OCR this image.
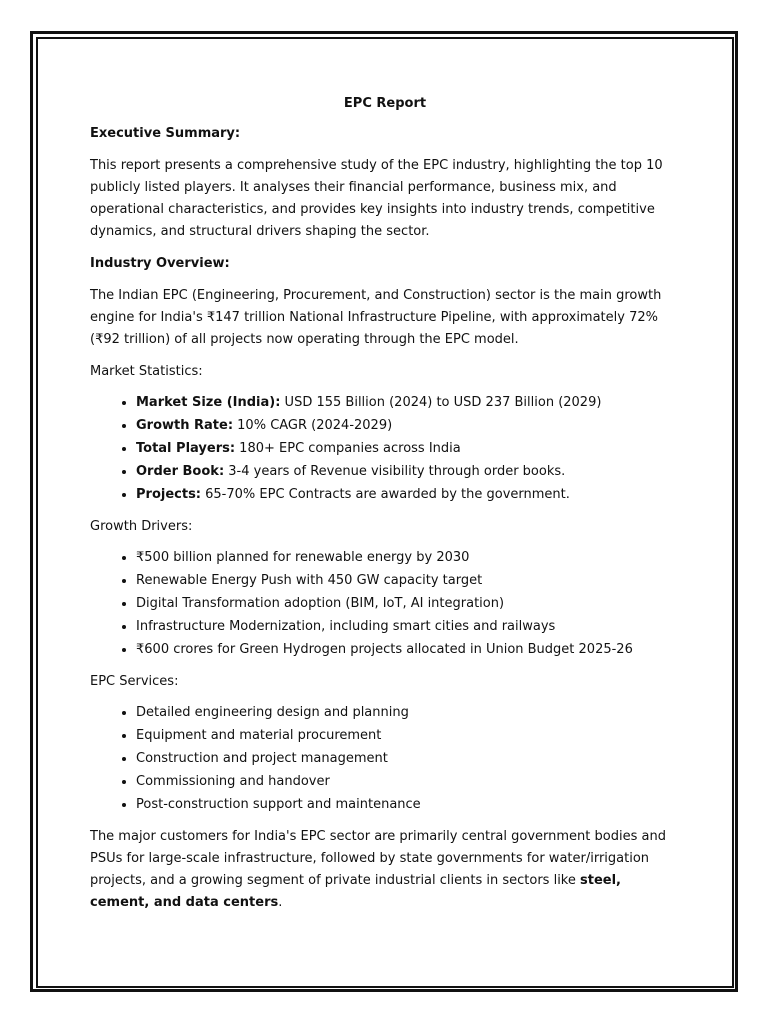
EPC Report
Executive Summary:

This report presents a comprehensive study of the EPC industry, highlighting the top 10 publicly listed players. It analyses their financial performance, business mix, and operational characteristics, and provides key insights into industry trends, competitive dynamics, and structural drivers shaping the sector.

Industry Overview:

The Indian EPC (Engineering, Procurement, and Construction) sector is the main growth engine for India's ₹147 trillion National Infrastructure Pipeline, with approximately 72% (₹92 trillion) of all projects now operating through the EPC model.

Market Statistics:
• Market Size (India): USD 155 Billion (2024) to USD 237 Billion (2029)
• Growth Rate: 10% CAGR (2024-2029)
• Total Players: 180+ EPC companies across India
• Order Book: 3-4 years of Revenue visibility through order books.
• Projects: 65-70% EPC Contracts are awarded by the government.
Growth Drivers:
• ₹500 billion planned for renewable energy by 2030
• Renewable Energy Push with 450 GW capacity target
• Digital Transformation adoption (BIM, IoT, AI integration)
• Infrastructure Modernization, including smart cities and railways
• ₹600 crores for Green Hydrogen projects allocated in Union Budget 2025-26
EPC Services:
• Detailed engineering design and planning
• Equipment and material procurement
• Construction and project management
• Commissioning and handover
• Post-construction support and maintenance

The major customers for India's EPC sector are primarily central government bodies and PSUs for large-scale infrastructure, followed by state governments for water/irrigation projects, and a growing segment of private industrial clients in sectors like steel, cement, and data centers.
